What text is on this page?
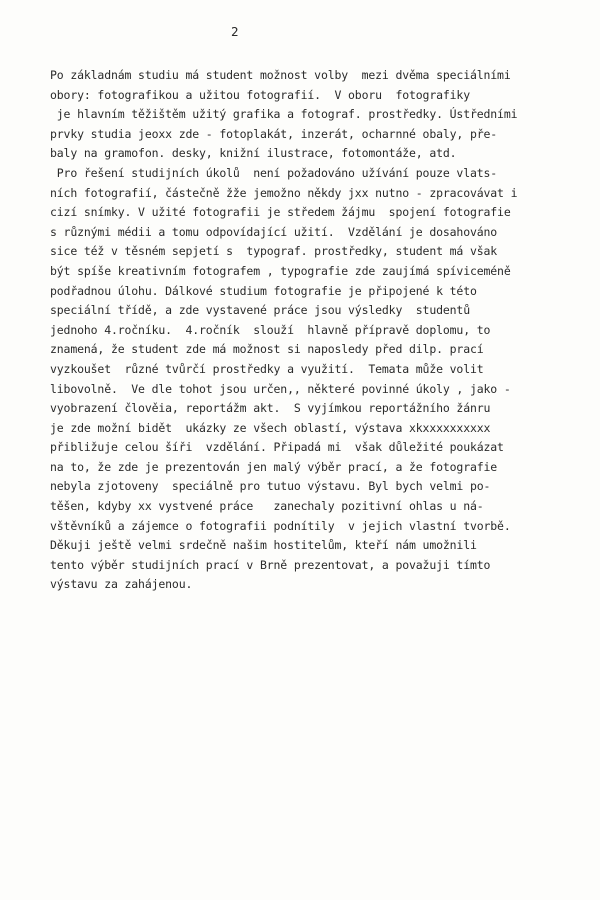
2
Po základnám studiu má student možnost volby  mezi dvěma speciálními
obory: fotografikou a užitou fotografií.  V oboru  fotografiky
je hlavním těžištěm užitý grafika a fotograf. prostředky. Ústředními
prvky studia jeoxx zde - fotoplakát, inzerát, ocharnné obaly, pře-
baly na gramofon. desky, knižní ilustrace, fotomontáže, atd.
Pro řešení studijních úkolů  není požadováno užívání pouze vlats-
ních fotografií, částečně žže jemožno někdy jxx nutno - zpracovávat i
cizí snímky. V užité fotografii je středem žájmu  spojení fotografie
s různými médii a tomu odpovídající užití.  Vzdělání je dosahováno
sice též v těsném sepjetí s  typograf. prostředky, student má však
být spíše kreativním fotografem , typografie zde zaujímá spíviceméně
podřadnou úlohu. Dálkové studium fotografie je připojené k této
speciální třídě, a zde vystavené práce jsou výsledky  studentů
jednoho 4.ročníku.  4.ročník  slouží  hlavně přípravě doplomu, to
znamená, že student zde má možnost si naposledy před dilp. prací
vyzkoušet  různé tvůrčí prostředky a využití.  Temata může volit
libovolně.  Ve dle tohot jsou určen,, některé povinné úkoly , jako -
vyobrazení člověia, reportážm akt.  S vyjímkou reportážního žánru
je zde možní bidět  ukázky ze všech oblastí, výstava xkxxxxxxxxxx
přibližuje celou šíři  vzdělání. Připadá mi  však důležité poukázat
na to, že zde je prezentován jen malý výběr prací, a že fotografie
nebyla zjotoveny  speciálně pro tutuo výstavu. Byl bych velmi po-
těšen, kdyby xx vystvené práce   zanechaly pozitivní ohlas u ná-
vštěvníků a zájemce o fotografii podnítily  v jejich vlastní tvorbě.
Děkuji ještě velmi srdečně našim hostitelům, kteří nám umožnili
tento výběr studijních prací v Brně prezentovat, a považuji tímto
výstavu za zahájenou.
